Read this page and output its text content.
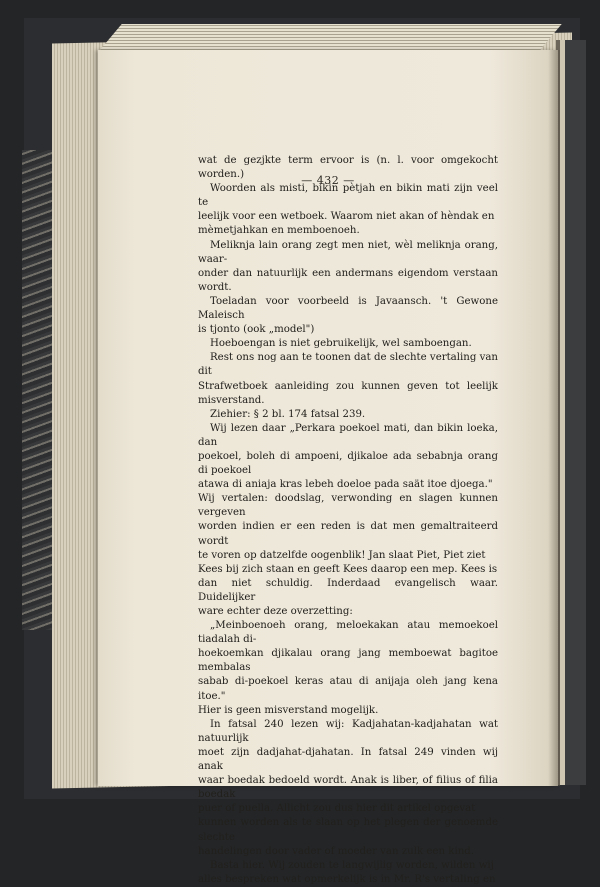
— 432 —

wat de gezjkte term ervoor is (n. l. voor omgekocht worden.)

Woorden als misti, bikin pètjah en bikin mati zijn veel te

leelijk voor een wetboek. Waarom niet akan of hèndak en

mèmetjahkan en memboenoeh.

Meliknja lain orang zegt men niet, wèl meliknja orang, waar-

onder dan natuurlijk een andermans eigendom verstaan wordt.

Toeladan voor voorbeeld is Javaansch. 't Gewone Maleisch

is tjonto (ook „model")

Hoeboengan is niet gebruikelijk, wel samboengan.

Rest ons nog aan te toonen dat de slechte vertaling van dit

Strafwetboek aanleiding zou kunnen geven tot leelijk misverstand.

Ziehier: § 2 bl. 174 fatsal 239.

Wij lezen daar „Perkara poekoel mati, dan bikin loeka, dan

poekoel, boleh di ampoeni, djikaloe ada sebabnja orang di poekoel

atawa di aniaja kras lebeh doeloe pada saät itoe djoega."

Wij vertalen: doodslag, verwonding en slagen kunnen vergeven

worden indien er een reden is dat men gemaltraiteerd wordt

te voren op datzelfde oogenblik! Jan slaat Piet, Piet ziet

Kees bij zich staan en geeft Kees daarop een mep. Kees is

dan niet schuldig. Inderdaad evangelisch waar. Duidelijker

ware echter deze overzetting:

„Meinboenoeh orang, meloekakan atau memoekoel tiadalah di-

hoekoemkan djikalau orang jang memboewat bagitoe membalas

sabab di-poekoel keras atau di anijaja oleh jang kena itoe."

Hier is geen misverstand mogelijk.

In fatsal 240 lezen wij: Kadjahatan-kadjahatan wat natuurlijk

moet zijn dadjahat-djahatan. In fatsal 249 vinden wij anak

waar boedak bedoeld wordt. Anak is liber, of filius of filia boedak

puer of puella. Allicht zou dus hier dit artikel opgevat

kunnen worden als te slaan op het plegen der genoemde slechte

handelingen door vader of moeder van zulk een kind.

Basta hier. Wij zouden te langwijlig worden, wilden wij

alles bespreken wat opmerkelijk is in Mr. R's vertaling en
